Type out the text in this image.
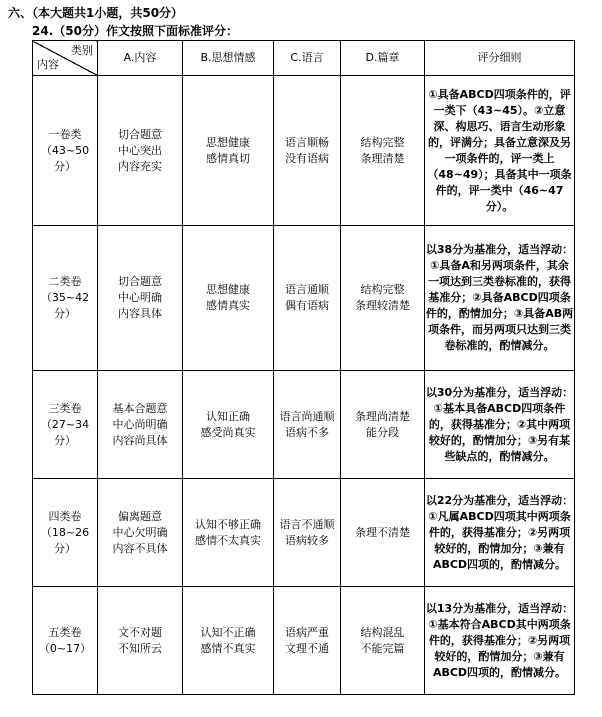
六、（本大题共1小题，共50分）
24.（50分）作文按照下面标准评分：
类别
内容	A.内容	B.思想情感	C.语言	D.篇章	评分细则

一卷类
（43~50分）	切合题意
中心突出
内容充实	思想健康
感情真切	语言顺畅
没有语病	结构完整
条理清楚	①具备ABCD四项条件的，评一类下（43~45）。②立意深、构思巧、语言生动形象的，评满分；具备立意深及另一项条件的，评一类上（48~49）；具备其中一项条件的，评一类中（46~47分）。

二类卷
（35~42分）	切合题意
中心明确
内容具体	思想健康
感情真实	语言通顺
偶有语病	结构完整
条理较清楚	以38分为基准分，适当浮动：①具备A和另两项条件，其余一项达到三类卷标准的，获得基准分；②具备ABCD四项条件的，酌情加分；③具备AB两项条件，而另两项只达到三类卷标准的，酌情减分。

三类卷
（27~34分）	基本合题意
中心尚明确
内容尚具体	认知正确
感受尚真实	语言尚通顺
语病不多	条理尚清楚
能分段	以30分为基准分，适当浮动：①基本具备ABCD四项条件的，获得基准分；②其中两项较好的，酌情加分；③另有某些缺点的，酌情减分。

四类卷
（18~26分）	偏离题意
中心欠明确
内容不具体	认知不够正确
感情不太真实	语言不通顺
语病较多	条理不清楚	以22分为基准分，适当浮动：①凡属ABCD四项其中两项条件的，获得基准分；②另两项较好的，酌情加分；③兼有ABCD四项的，酌情减分。

五类卷
（0~17）	文不对题
不知所云	认知不正确
感情不真实	语病严重
文理不通	结构混乱
不能完篇	以13分为基准分，适当浮动：①基本符合ABCD其中两项条件的，获得基准分；②另两项较好的，酌情加分；③兼有ABCD四项的，酌情减分。
